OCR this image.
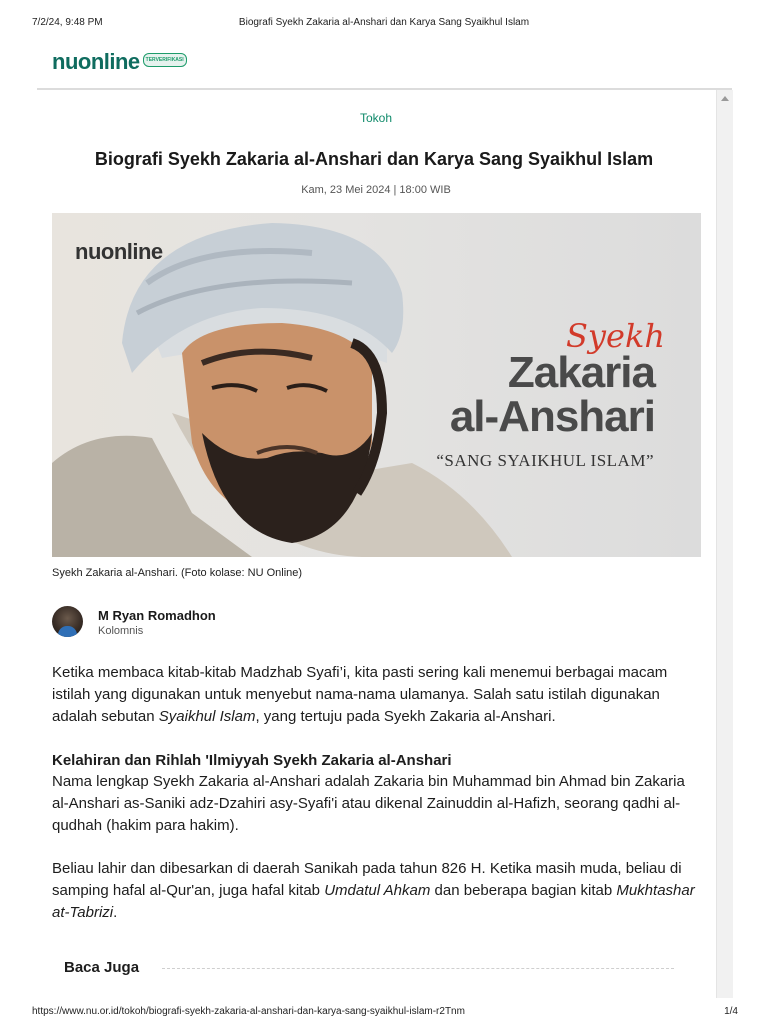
7/2/24, 9:48 PM	Biografi Syekh Zakaria al-Anshari dan Karya Sang Syaikhul Islam
nuonline	TERVERIFIKASI
Tokoh
Biografi Syekh Zakaria al-Anshari dan Karya Sang Syaikhul Islam
Kam, 23 Mei 2024 | 18:00 WIB
nuonline
Syekh
Zakaria
al-Anshari
“SANG SYAIKHUL ISLAM”
Syekh Zakaria al-Anshari. (Foto kolase: NU Online)
M Ryan Romadhon
Kolomnis
Ketika membaca kitab-kitab Madzhab Syafi’i, kita pasti sering kali menemui berbagai macam istilah yang digunakan untuk menyebut nama-nama ulamanya. Salah satu istilah digunakan adalah sebutan Syaikhul Islam, yang tertuju pada Syekh Zakaria al-Anshari.
Kelahiran dan Rihlah 'Ilmiyyah Syekh Zakaria al-Anshari
Nama lengkap Syekh Zakaria al-Anshari adalah Zakaria bin Muhammad bin Ahmad bin Zakaria al-Anshari as-Saniki adz-Dzahiri asy-Syafi'i atau dikenal Zainuddin al-Hafizh, seorang qadhi al-qudhah (hakim para hakim).
Beliau lahir dan dibesarkan di daerah Sanikah pada tahun 826 H. Ketika masih muda, beliau di samping hafal al-Qur'an, juga hafal kitab Umdatul Ahkam dan beberapa bagian kitab Mukhtashar at-Tabrizi.
Baca Juga
https://www.nu.or.id/tokoh/biografi-syekh-zakaria-al-anshari-dan-karya-sang-syaikhul-islam-r2Tnm	1/4
